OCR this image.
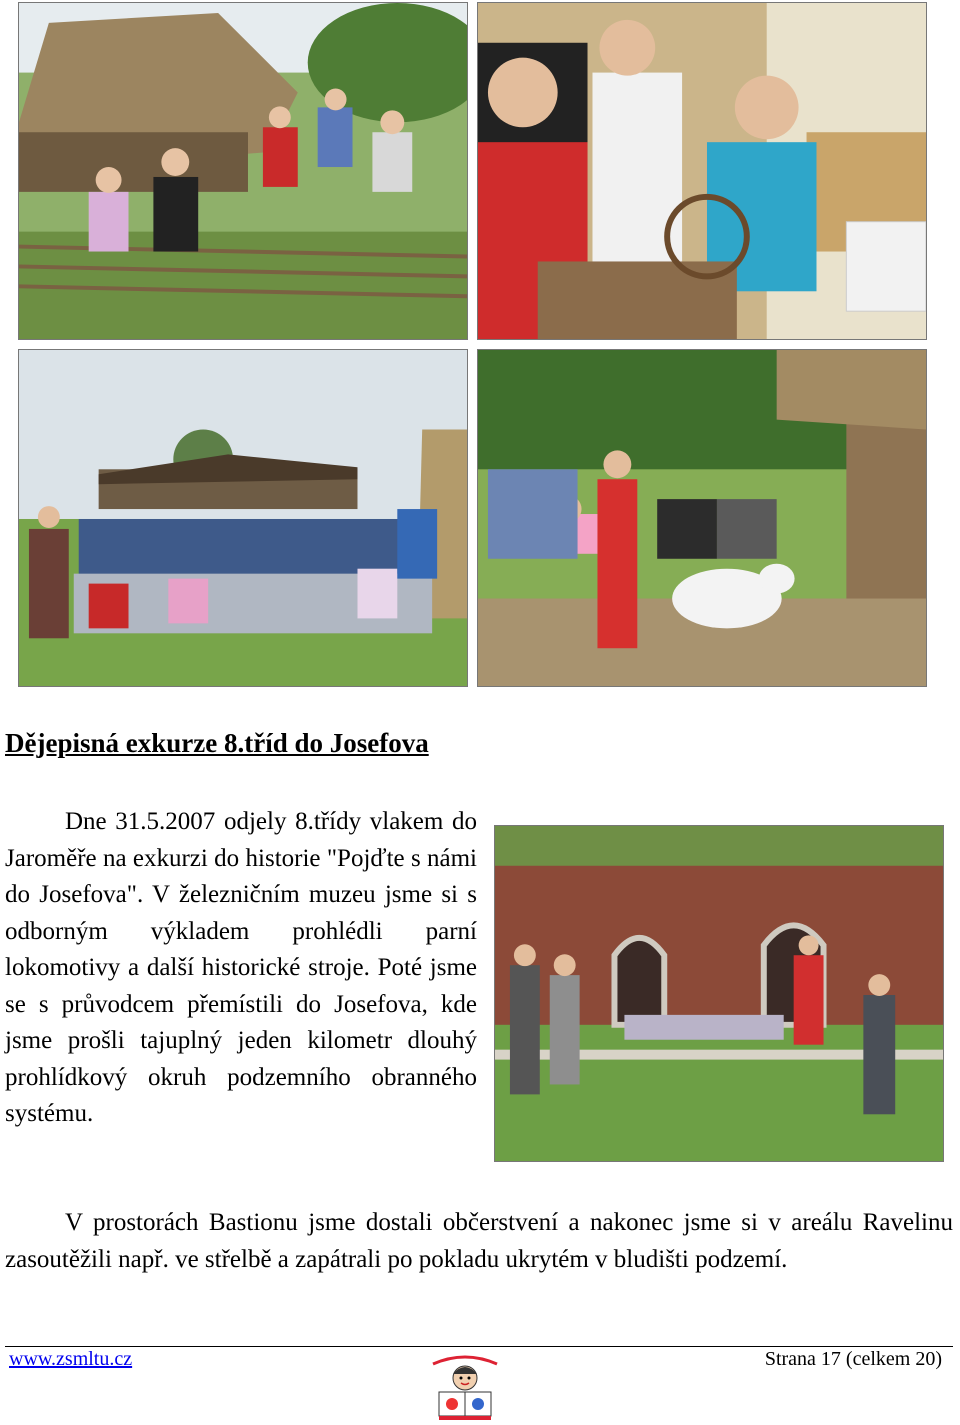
Dějepisná exkurze 8.tříd do Josefova

Dne 31.5.2007 odjely 8.třídy vlakem do Jaroměře na exkurzi do historie "Pojďte s námi do Josefova". V železničním muzeu jsme si s odborným výkladem prohlédli parní lokomotivy a další historické stroje. Poté jsme se s průvodcem přemístili do Josefova, kde jsme prošli tajuplný jeden kilometr dlouhý prohlídkový okruh podzemního obranného systému.

V prostorách Bastionu jsme dostali občerstvení a nakonec jsme si v areálu Ravelinu zasoutěžili např. ve střelbě a zapátrali po pokladu ukrytém v bludišti podzemí.

www.zsmltu.cz	Strana 17 (celkem 20)
